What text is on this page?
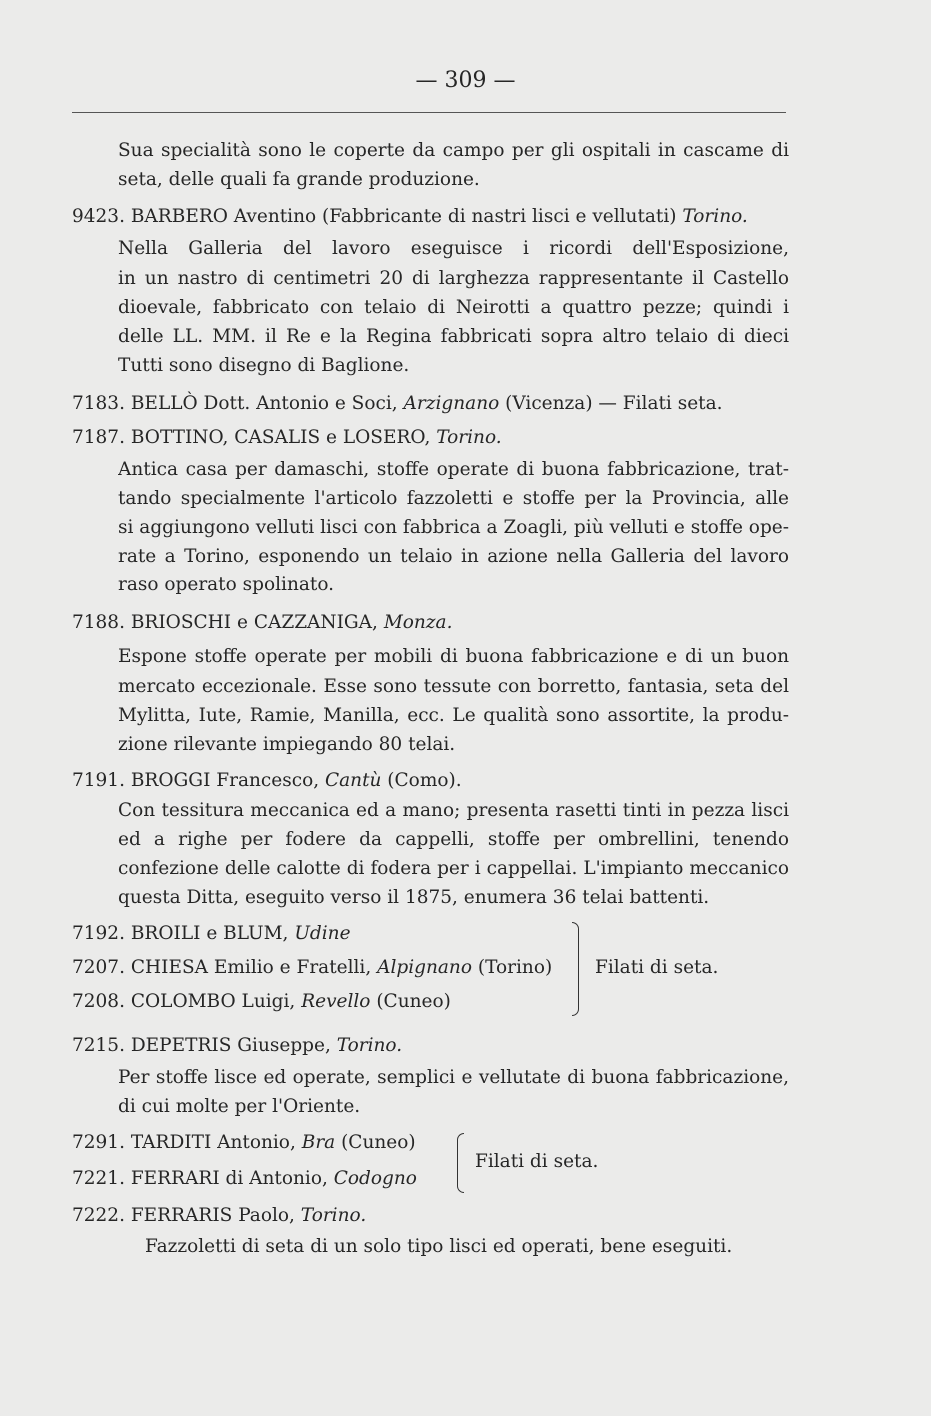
— 309 —
Sua specialità sono le coperte da campo per gli ospitali in cascame di
seta, delle quali fa grande produzione.
9423. BARBERO Aventino (Fabbricante di nastri lisci e vellutati) Torino.
Nella Galleria del lavoro eseguisce i ricordi dell'Esposizione,
in un nastro di centimetri 20 di larghezza rappresentante il Castello
dioevale, fabbricato con telaio di Neirotti a quattro pezze; quindi i
delle LL. MM. il Re e la Regina fabbricati sopra altro telaio di dieci
Tutti sono disegno di Baglione.
7183. BELLÒ Dott. Antonio e Soci, Arzignano (Vicenza) — Filati seta.
7187. BOTTINO, CASALIS e LOSERO, Torino.
Antica casa per damaschi, stoffe operate di buona fabbricazione, trat-
tando specialmente l'articolo fazzoletti e stoffe per la Provincia, alle
si aggiungono velluti lisci con fabbrica a Zoagli, più velluti e stoffe ope-
rate a Torino, esponendo un telaio in azione nella Galleria del lavoro
raso operato spolinato.
7188. BRIOSCHI e CAZZANIGA, Monza.
Espone stoffe operate per mobili di buona fabbricazione e di un buon
mercato eccezionale. Esse sono tessute con borretto, fantasia, seta del
Mylitta, Iute, Ramie, Manilla, ecc. Le qualità sono assortite, la produ-
zione rilevante impiegando 80 telai.
7191. BROGGI Francesco, Cantù (Como).
Con tessitura meccanica ed a mano; presenta rasetti tinti in pezza lisci
ed a righe per fodere da cappelli, stoffe per ombrellini, tenendo
confezione delle calotte di fodera per i cappellai. L'impianto meccanico
questa Ditta, eseguito verso il 1875, enumera 36 telai battenti.
7192. BROILI e BLUM, Udine
7207. CHIESA Emilio e Fratelli, Alpignano (Torino)
7208. COLOMBO Luigi, Revello (Cuneo)
Filati di seta.
7215. DEPETRIS Giuseppe, Torino.
Per stoffe lisce ed operate, semplici e vellutate di buona fabbricazione,
di cui molte per l'Oriente.
7291. TARDITI Antonio, Bra (Cuneo)
7221. FERRARI di Antonio, Codogno
Filati di seta.
7222. FERRARIS Paolo, Torino.
Fazzoletti di seta di un solo tipo lisci ed operati, bene eseguiti.
